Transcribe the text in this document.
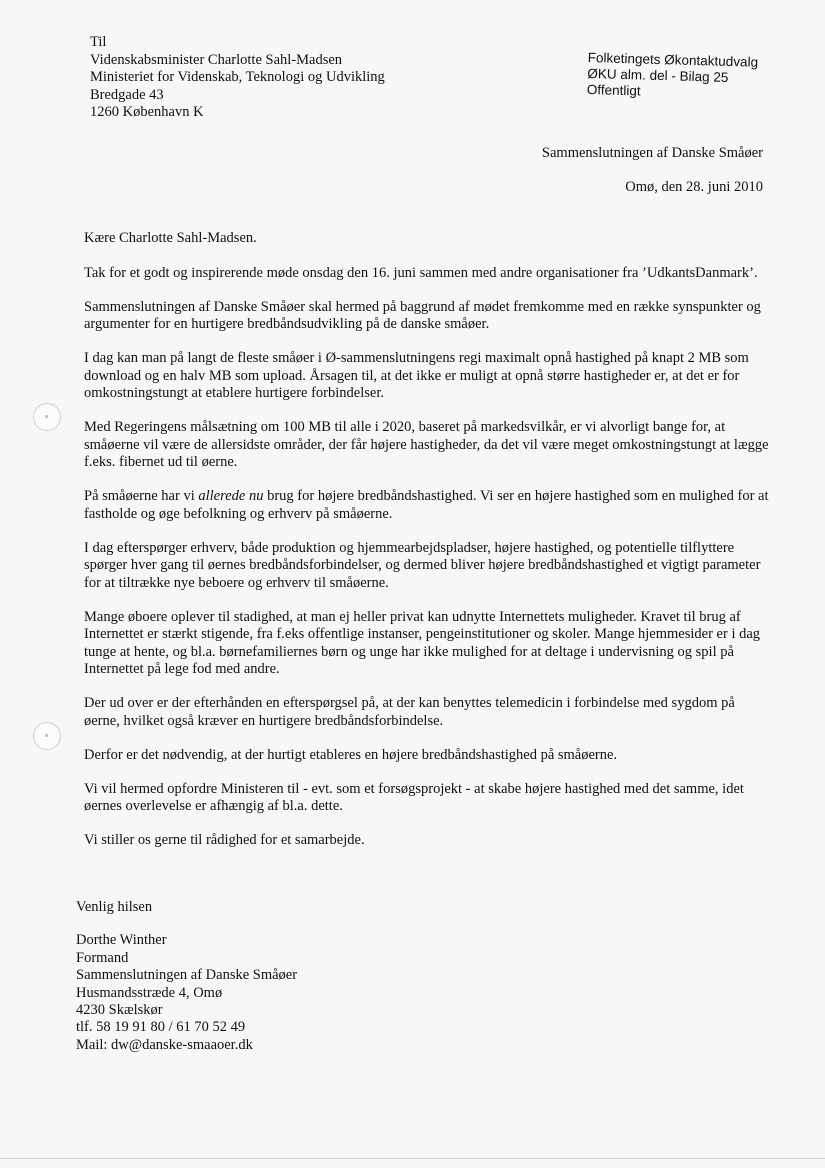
Til
Videnskabsminister Charlotte Sahl-Madsen
Ministeriet for Videnskab, Teknologi og Udvikling
Bredgade 43
1260 København K
Folketingets Økontaktudvalg
ØKU alm. del - Bilag 25
Offentligt
Sammenslutningen af Danske Småøer
Omø, den 28. juni 2010

Kære Charlotte Sahl-Madsen.

Tak for et godt og inspirerende møde onsdag den 16. juni sammen med andre organisationer fra ’UdkantsDanmark’.

Sammenslutningen af Danske Småøer skal hermed på baggrund af mødet fremkomme med en række synspunkter og argumenter for en hurtigere bredbåndsudvikling på de danske småøer.

I dag kan man på langt de fleste småøer i Ø-sammenslutningens regi maximalt opnå hastighed på knapt 2 MB som download og en halv MB som upload. Årsagen til, at det ikke er muligt at opnå større hastigheder er, at det er for omkostningstungt at etablere hurtigere forbindelser.

Med Regeringens målsætning om 100 MB til alle i 2020, baseret på markedsvilkår, er vi alvorligt bange for, at småøerne vil være de allersidste områder, der får højere hastigheder, da det vil være meget omkostningstungt at lægge f.eks. fibernet ud til øerne.

På småøerne har vi allerede nu brug for højere bredbåndshastighed. Vi ser en højere hastighed som en mulighed for at fastholde og øge befolkning og erhverv på småøerne.

I dag efterspørger erhverv, både produktion og hjemmearbejdspladser, højere hastighed, og potentielle tilflyttere spørger hver gang til øernes bredbåndsforbindelser, og dermed bliver højere bredbåndshastighed et vigtigt parameter for at tiltrække nye beboere og erhverv til småøerne.

Mange øboere oplever til stadighed, at man ej heller privat kan udnytte Internettets muligheder. Kravet til brug af Internettet er stærkt stigende, fra f.eks offentlige instanser, pengeinstitutioner og skoler. Mange hjemmesider er i dag tunge at hente, og bl.a. børnefamiliernes børn og unge har ikke mulighed for at deltage i undervisning og spil på Internettet på lege fod med andre.

Der ud over er der efterhånden en efterspørgsel på, at der kan benyttes telemedicin i forbindelse med sygdom på øerne, hvilket også kræver en hurtigere bredbåndsforbindelse.

Derfor er det nødvendig, at der hurtigt etableres en højere bredbåndshastighed på småøerne.

Vi vil hermed opfordre Ministeren til - evt. som et forsøgsprojekt - at skabe højere hastighed med det samme, idet øernes overlevelse er afhængig af bl.a. dette.

Vi stiller os gerne til rådighed for et samarbejde.

Venlig hilsen
Dorthe Winther
Formand
Sammenslutningen af Danske Småøer
Husmandsstræde 4, Omø
4230 Skælskør
tlf. 58 19 91 80 / 61 70 52 49
Mail: dw@danske-smaaoer.dk
